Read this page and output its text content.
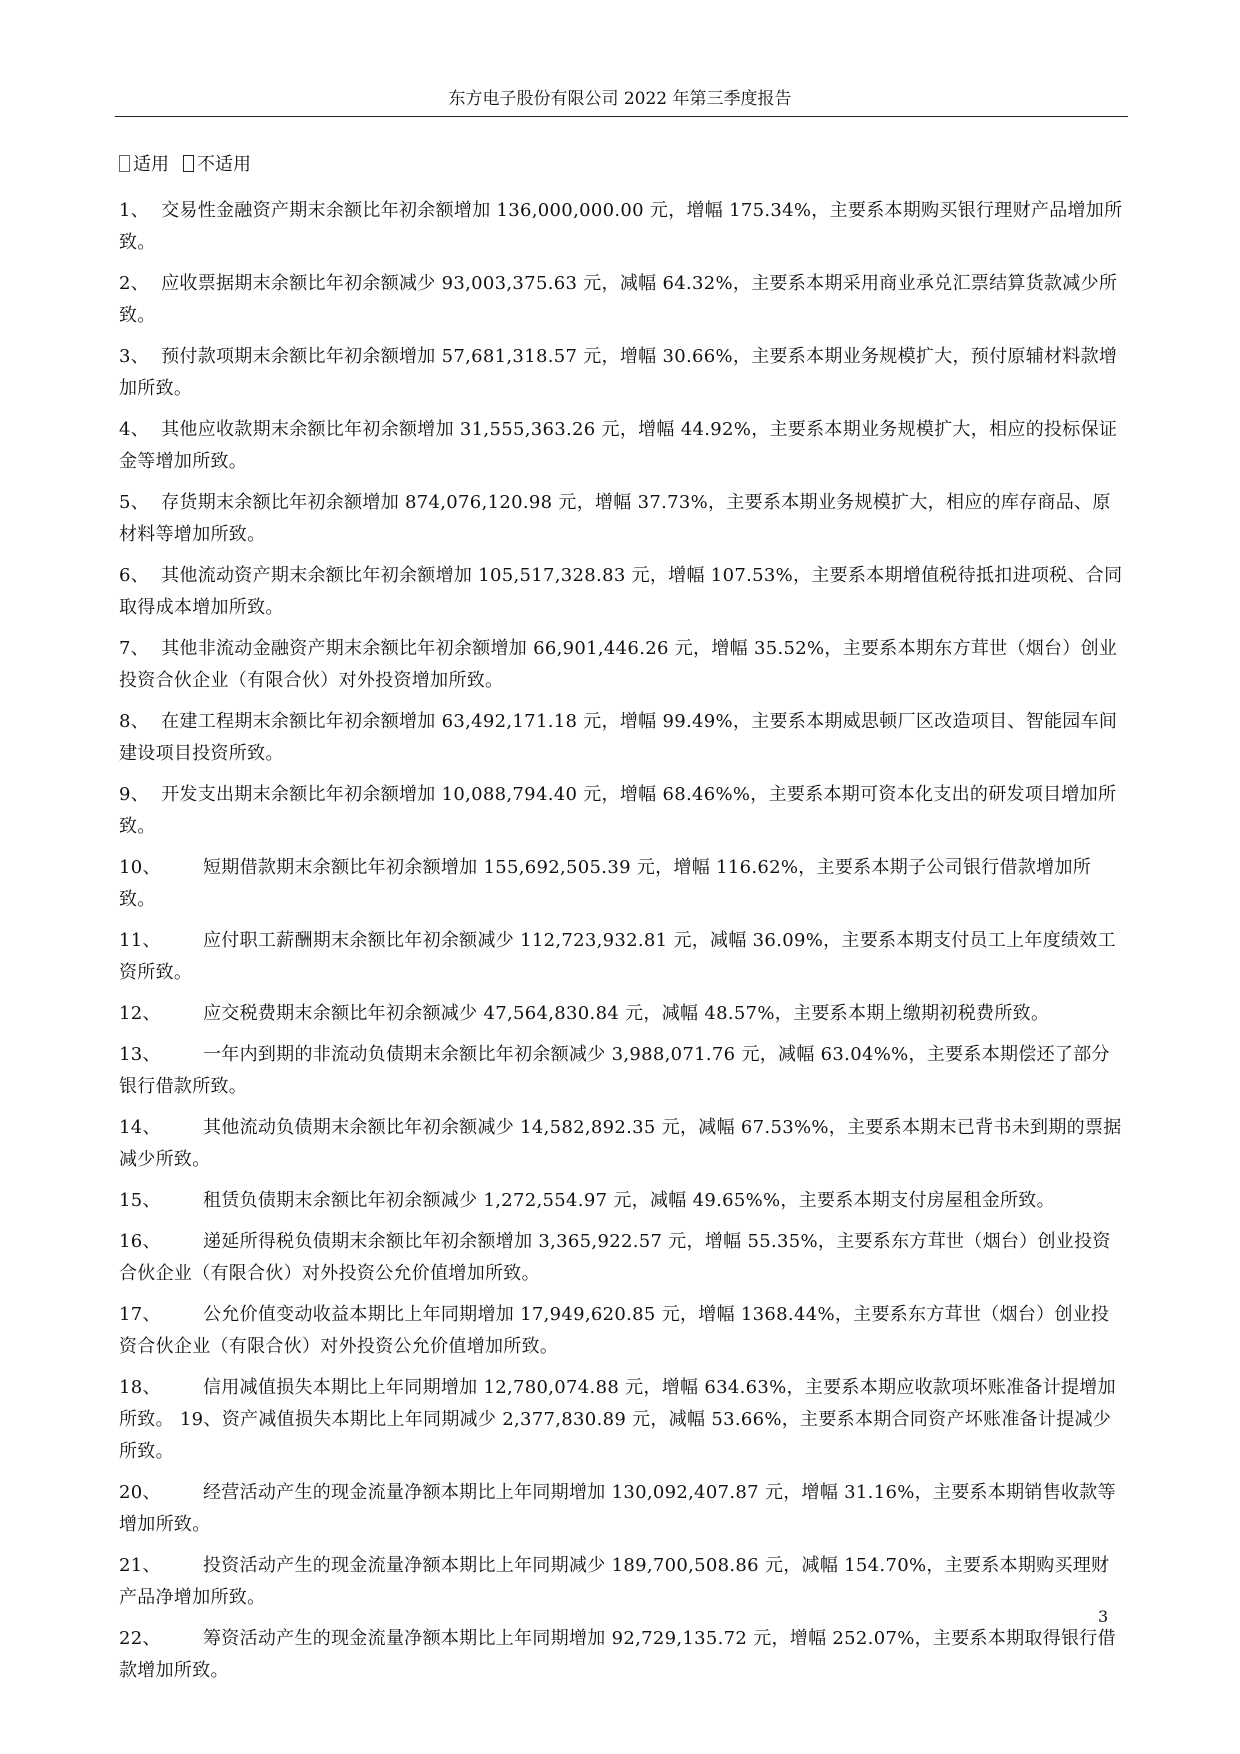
东方电子股份有限公司 2022 年第三季度报告
适用 不适用

1、  交易性金融资产期末余额比年初余额增加 136,000,000.00 元，增幅 175.34%，主要系本期购买银行理财产品增加所致。

2、  应收票据期末余额比年初余额减少 93,003,375.63 元，减幅 64.32%，主要系本期采用商业承兑汇票结算货款减少所致。

3、  预付款项期末余额比年初余额增加 57,681,318.57 元，增幅 30.66%，主要系本期业务规模扩大，预付原辅材料款增加所致。

4、  其他应收款期末余额比年初余额增加 31,555,363.26 元，增幅 44.92%，主要系本期业务规模扩大，相应的投标保证金等增加所致。

5、  存货期末余额比年初余额增加 874,076,120.98 元，增幅 37.73%，主要系本期业务规模扩大，相应的库存商品、原材料等增加所致。

6、  其他流动资产期末余额比年初余额增加 105,517,328.83 元，增幅 107.53%，主要系本期增值税待抵扣进项税、合同取得成本增加所致。

7、  其他非流动金融资产期末余额比年初余额增加 66,901,446.26 元，增幅 35.52%，主要系本期东方茸世（烟台）创业投资合伙企业（有限合伙）对外投资增加所致。

8、  在建工程期末余额比年初余额增加 63,492,171.18 元，增幅 99.49%，主要系本期威思顿厂区改造项目、智能园车间建设项目投资所致。

9、  开发支出期末余额比年初余额增加 10,088,794.40 元，增幅 68.46%%，主要系本期可资本化支出的研发项目增加所致。

10、       短期借款期末余额比年初余额增加 155,692,505.39 元，增幅 116.62%，主要系本期子公司银行借款增加所致。

11、       应付职工薪酬期末余额比年初余额减少 112,723,932.81 元，减幅 36.09%，主要系本期支付员工上年度绩效工资所致。

12、       应交税费期末余额比年初余额减少 47,564,830.84 元，减幅 48.57%，主要系本期上缴期初税费所致。

13、       一年内到期的非流动负债期末余额比年初余额减少 3,988,071.76 元，减幅 63.04%%，主要系本期偿还了部分银行借款所致。

14、       其他流动负债期末余额比年初余额减少 14,582,892.35 元，减幅 67.53%%，主要系本期末已背书未到期的票据减少所致。

15、       租赁负债期末余额比年初余额减少 1,272,554.97 元，减幅 49.65%%，主要系本期支付房屋租金所致。

16、       递延所得税负债期末余额比年初余额增加 3,365,922.57 元，增幅 55.35%，主要系东方茸世（烟台）创业投资合伙企业（有限合伙）对外投资公允价值增加所致。

17、       公允价值变动收益本期比上年同期增加 17,949,620.85 元，增幅 1368.44%，主要系东方茸世（烟台）创业投资合伙企业（有限合伙）对外投资公允价值增加所致。

18、       信用减值损失本期比上年同期增加 12,780,074.88 元，增幅 634.63%，主要系本期应收款项坏账准备计提增加所致。 19、资产减值损失本期比上年同期减少 2,377,830.89 元，减幅 53.66%，主要系本期合同资产坏账准备计提减少所致。

20、       经营活动产生的现金流量净额本期比上年同期增加 130,092,407.87 元，增幅 31.16%，主要系本期销售收款等增加所致。

21、       投资活动产生的现金流量净额本期比上年同期减少 189,700,508.86 元，减幅 154.70%，主要系本期购买理财产品净增加所致。

22、       筹资活动产生的现金流量净额本期比上年同期增加 92,729,135.72 元，增幅 252.07%，主要系本期取得银行借款增加所致。

3
